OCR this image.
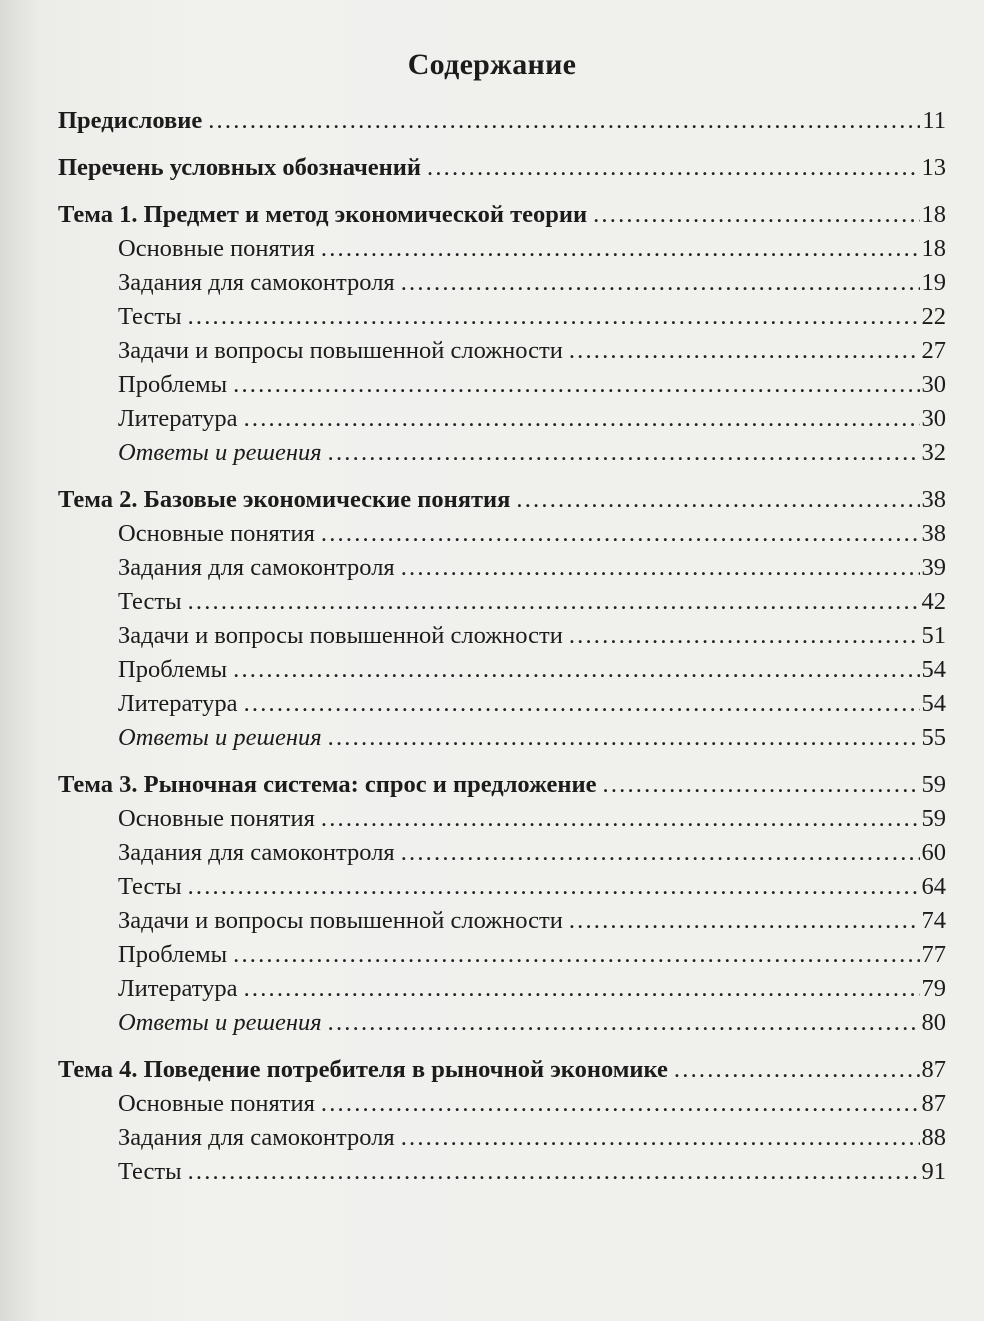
Содержание
Предисловие .....	11
Перечень условных обозначений .....	13
Тема 1. Предмет и метод экономической теории .....	18
Основные понятия .....	18
Задания для самоконтроля .....	19
Тесты .....	22
Задачи и вопросы повышенной сложности .....	27
Проблемы .....	30
Литература .....	30
Ответы и решения .....	32
Тема 2. Базовые экономические понятия .....	38
Основные понятия .....	38
Задания для самоконтроля .....	39
Тесты .....	42
Задачи и вопросы повышенной сложности .....	51
Проблемы .....	54
Литература .....	54
Ответы и решения .....	55
Тема 3. Рыночная система: спрос и предложение .....	59
Основные понятия .....	59
Задания для самоконтроля .....	60
Тесты .....	64
Задачи и вопросы повышенной сложности .....	74
Проблемы .....	77
Литература .....	79
Ответы и решения .....	80
Тема 4. Поведение потребителя в рыночной экономике .....	87
Основные понятия .....	87
Задания для самоконтроля .....	88
Тесты .....	91
